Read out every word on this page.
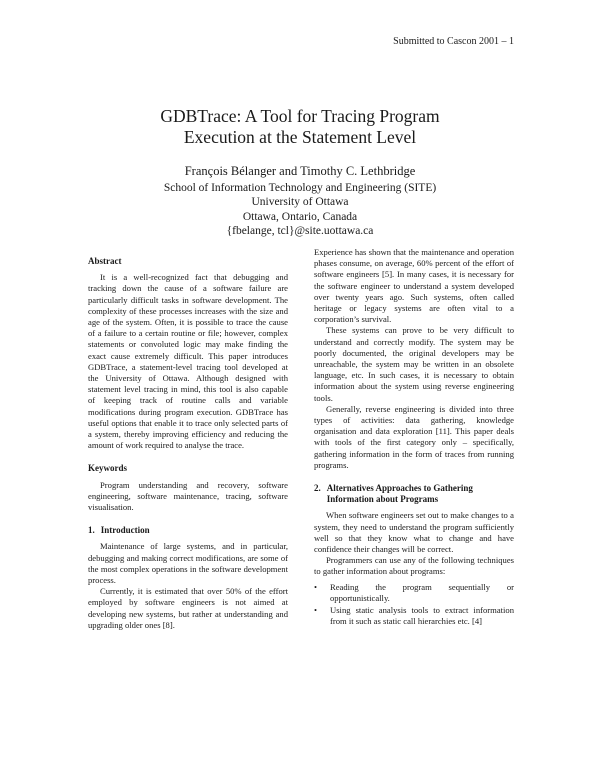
Submitted to Cascon 2001 – 1
GDBTrace: A Tool for Tracing Program
Execution at the Statement Level
François Bélanger and Timothy C. Lethbridge
School of Information Technology and Engineering (SITE)
University of Ottawa
Ottawa, Ontario, Canada
{fbelange, tcl}@site.uottawa.ca
Abstract

It is a well-recognized fact that debugging and tracking down the cause of a software failure are particularly difficult tasks in software development. The complexity of these processes increases with the size and age of the system. Often, it is possible to trace the cause of a failure to a certain routine or file; however, complex statements or convoluted logic may make finding the exact cause extremely difficult. This paper introduces GDBTrace, a statement-level tracing tool developed at the University of Ottawa. Although designed with statement level tracing in mind, this tool is also capable of keeping track of routine calls and variable modifications during program execution. GDBTrace has useful options that enable it to trace only selected parts of a system, thereby improving efficiency and reducing the amount of work required to analyse the trace.

Keywords

Program understanding and recovery, software engineering, software maintenance, tracing, software visualisation.

1. Introduction

Maintenance of large systems, and in particular, debugging and making correct modifications, are some of the most complex operations in the software development process.

Currently, it is estimated that over 50% of the effort employed by software engineers is not aimed at developing new systems, but rather at understanding and upgrading older ones [8].

Experience has shown that the maintenance and operation phases consume, on average, 60% percent of the effort of software engineers [5]. In many cases, it is necessary for the software engineer to understand a system developed over twenty years ago. Such systems, often called heritage or legacy systems are often vital to a corporation’s survival.

These systems can prove to be very difficult to understand and correctly modify. The system may be poorly documented, the original developers may be unreachable, the system may be written in an obsolete language, etc. In such cases, it is necessary to obtain information about the system using reverse engineering tools.

Generally, reverse engineering is divided into three types of activities: data gathering, knowledge organisation and data exploration [11]. This paper deals with tools of the first category only – specifically, gathering information in the form of traces from running programs.

2. Alternatives Approaches to Gathering Information about Programs

When software engineers set out to make changes to a system, they need to understand the program sufficiently well so that they know what to change and have confidence their changes will be correct.

Programmers can use any of the following techniques to gather information about programs:

•	Reading the program sequentially or opportunistically.
•	Using static analysis tools to extract information from it such as static call hierarchies etc. [4]
